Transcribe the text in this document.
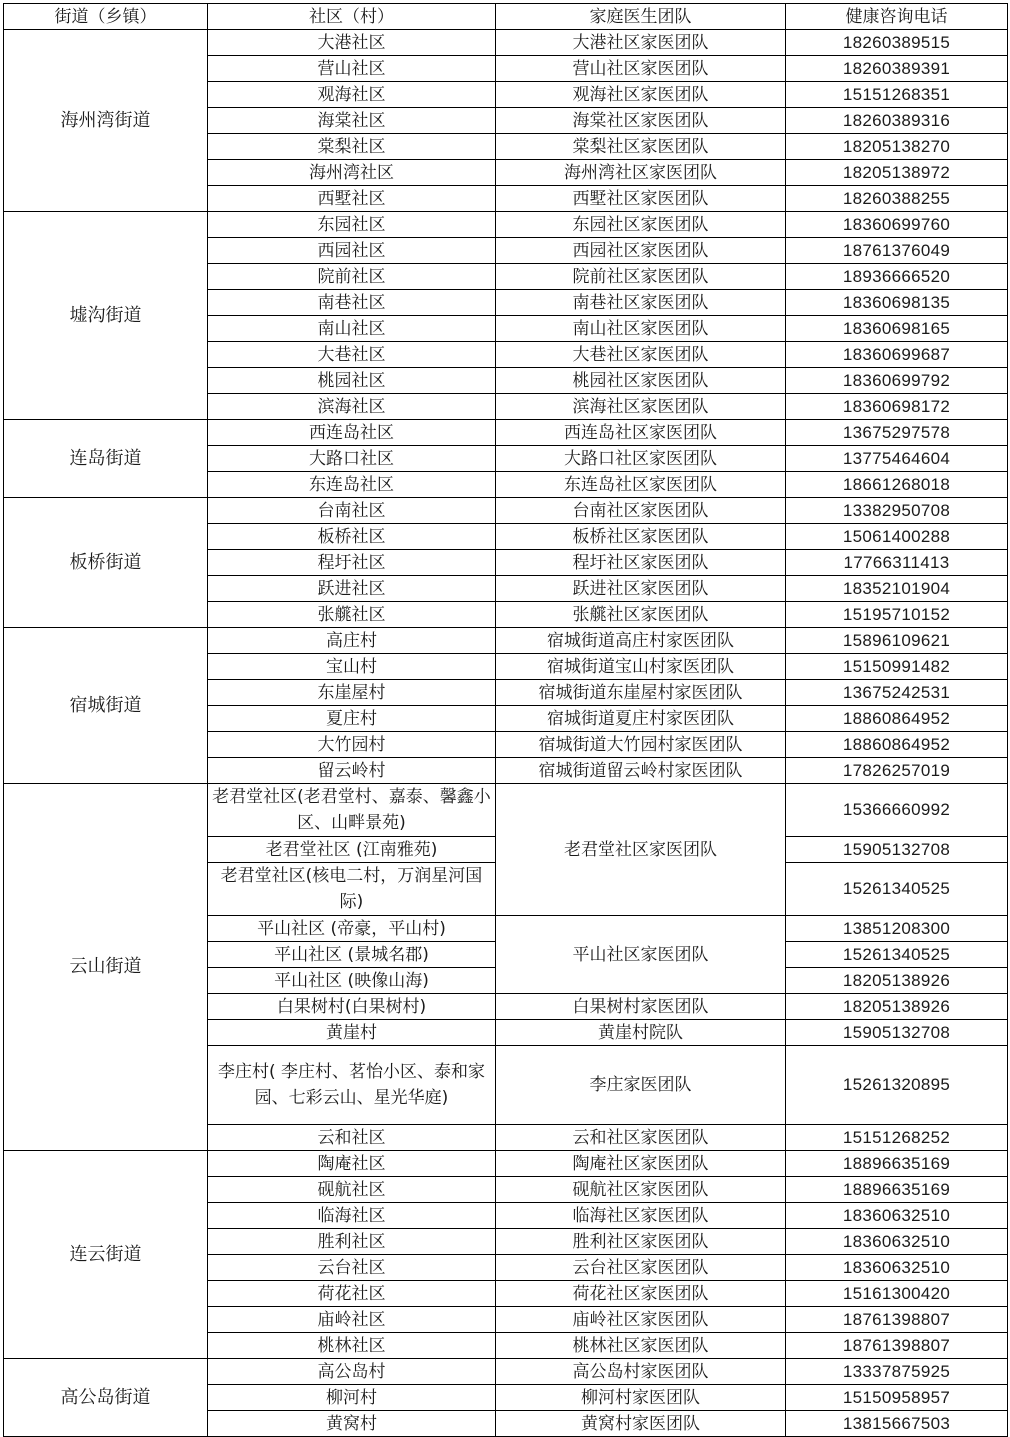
街道（乡镇）	社区（村）	家庭医生团队	健康咨询电话
海州湾街道	大港社区	大港社区家医团队	18260389515
	营山社区	营山社区家医团队	18260389391
	观海社区	观海社区家医团队	15151268351
	海棠社区	海棠社区家医团队	18260389316
	棠梨社区	棠梨社区家医团队	18205138270
	海州湾社区	海州湾社区家医团队	18205138972
	西墅社区	西墅社区家医团队	18260388255
墟沟街道	东园社区	东园社区家医团队	18360699760
	西园社区	西园社区家医团队	18761376049
	院前社区	院前社区家医团队	18936666520
	南巷社区	南巷社区家医团队	18360698135
	南山社区	南山社区家医团队	18360698165
	大巷社区	大巷社区家医团队	18360699687
	桃园社区	桃园社区家医团队	18360699792
	滨海社区	滨海社区家医团队	18360698172
连岛街道	西连岛社区	西连岛社区家医团队	13675297578
	大路口社区	大路口社区家医团队	13775464604
	东连岛社区	东连岛社区家医团队	18661268018
板桥街道	台南社区	台南社区家医团队	13382950708
	板桥社区	板桥社区家医团队	15061400288
	程圩社区	程圩社区家医团队	17766311413
	跃进社区	跃进社区家医团队	18352101904
	张艞社区	张艞社区家医团队	15195710152
宿城街道	高庄村	宿城街道高庄村家医团队	15896109621
	宝山村	宿城街道宝山村家医团队	15150991482
	东崖屋村	宿城街道东崖屋村家医团队	13675242531
	夏庄村	宿城街道夏庄村家医团队	18860864952
	大竹园村	宿城街道大竹园村家医团队	18860864952
	留云岭村	宿城街道留云岭村家医团队	17826257019
云山街道	老君堂社区(老君堂村、嘉泰、馨鑫小区、山畔景苑)	老君堂社区家医团队	15366660992
	老君堂社区 (江南雅苑)		15905132708
	老君堂社区(核电二村，万润星河国际)		15261340525
	平山社区 (帝豪，平山村)	平山社区家医团队	13851208300
	平山社区 (景城名郡)		15261340525
	平山社区 (映像山海)		18205138926
	白果树村(白果树村)	白果树村家医团队	18205138926
	黄崖村	黄崖村院队	15905132708
	李庄村( 李庄村、茗怡小区、泰和家园、七彩云山、星光华庭)	李庄家医团队	15261320895
	云和社区	云和社区家医团队	15151268252
连云街道	陶庵社区	陶庵社区家医团队	18896635169
	砚航社区	砚航社区家医团队	18896635169
	临海社区	临海社区家医团队	18360632510
	胜利社区	胜利社区家医团队	18360632510
	云台社区	云台社区家医团队	18360632510
	荷花社区	荷花社区家医团队	15161300420
	庙岭社区	庙岭社区家医团队	18761398807
	桃林社区	桃林社区家医团队	18761398807
高公岛街道	高公岛村	高公岛村家医团队	13337875925
	柳河村	柳河村家医团队	15150958957
	黄窝村	黄窝村家医团队	13815667503
